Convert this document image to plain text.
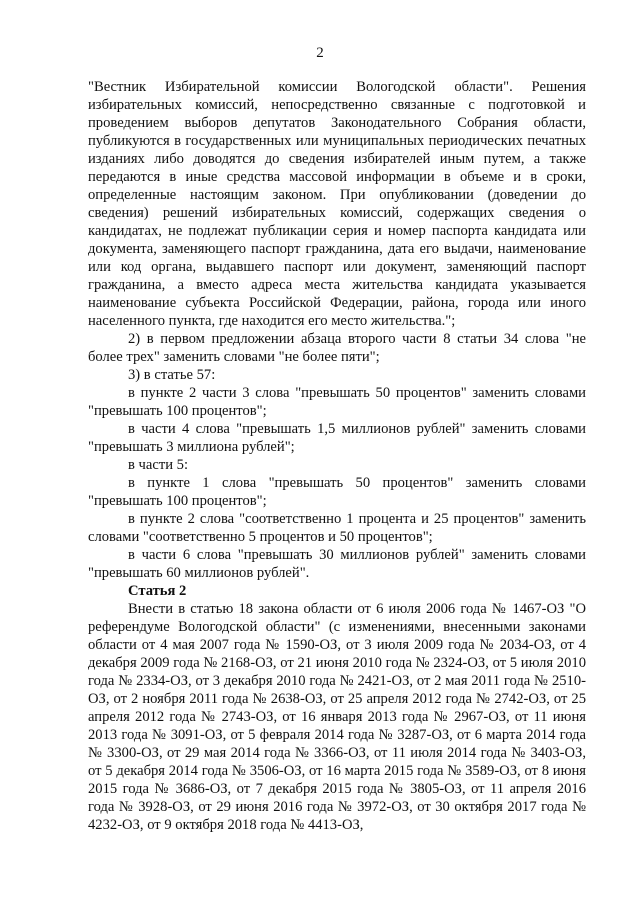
2

"Вестник Избирательной комиссии Вологодской области". Решения избирательных комиссий, непосредственно связанные с подготовкой и проведением выборов депутатов Законодательного Собрания области, публикуются в государственных или муниципальных периодических печатных изданиях либо доводятся до сведения избирателей иным путем, а также передаются в иные средства массовой информации в объеме и в сроки, определенные настоящим законом. При опубликовании (доведении до сведения) решений избирательных комиссий, содержащих сведения о кандидатах, не подлежат публикации серия и номер паспорта кандидата или документа, заменяющего паспорт гражданина, дата его выдачи, наименование или код органа, выдавшего паспорт или документ, заменяющий паспорт гражданина, а вместо адреса места жительства кандидата указывается наименование субъекта Российской Федерации, района, города или иного населенного пункта, где находится его место жительства.";

2) в первом предложении абзаца второго части 8 статьи 34 слова "не более трех" заменить словами "не более пяти";

3) в статье 57:

в пункте 2 части 3 слова "превышать 50 процентов" заменить словами "превышать 100 процентов";

в части 4 слова "превышать 1,5 миллионов рублей" заменить словами "превышать 3 миллиона рублей";

в части 5:

в пункте 1 слова "превышать 50 процентов" заменить словами "превышать 100 процентов";

в пункте 2 слова "соответственно 1 процента и 25 процентов" заменить словами "соответственно 5 процентов и 50 процентов";

в части 6 слова "превышать 30 миллионов рублей" заменить словами "превышать 60 миллионов рублей".

Статья 2

Внести в статью 18 закона области от 6 июля 2006 года № 1467-ОЗ "О референдуме Вологодской области" (с изменениями, внесенными законами области от 4 мая 2007 года № 1590-ОЗ, от 3 июля 2009 года № 2034-ОЗ, от 4 декабря 2009 года № 2168-ОЗ, от 21 июня 2010 года № 2324-ОЗ, от 5 июля 2010 года № 2334-ОЗ, от 3 декабря 2010 года № 2421-ОЗ, от 2 мая 2011 года № 2510-ОЗ, от 2 ноября 2011 года № 2638-ОЗ, от 25 апреля 2012 года № 2742-ОЗ, от 25 апреля 2012 года № 2743-ОЗ, от 16 января 2013 года № 2967-ОЗ, от 11 июня 2013 года № 3091-ОЗ, от 5 февраля 2014 года № 3287-ОЗ, от 6 марта 2014 года № 3300-ОЗ, от 29 мая 2014 года № 3366-ОЗ, от 11 июля 2014 года № 3403-ОЗ, от 5 декабря 2014 года № 3506-ОЗ, от 16 марта 2015 года № 3589-ОЗ, от 8 июня 2015 года № 3686-ОЗ, от 7 декабря 2015 года № 3805-ОЗ, от 11 апреля 2016 года № 3928-ОЗ, от 29 июня 2016 года № 3972-ОЗ, от 30 октября 2017 года № 4232-ОЗ, от 9 октября 2018 года № 4413-ОЗ,
